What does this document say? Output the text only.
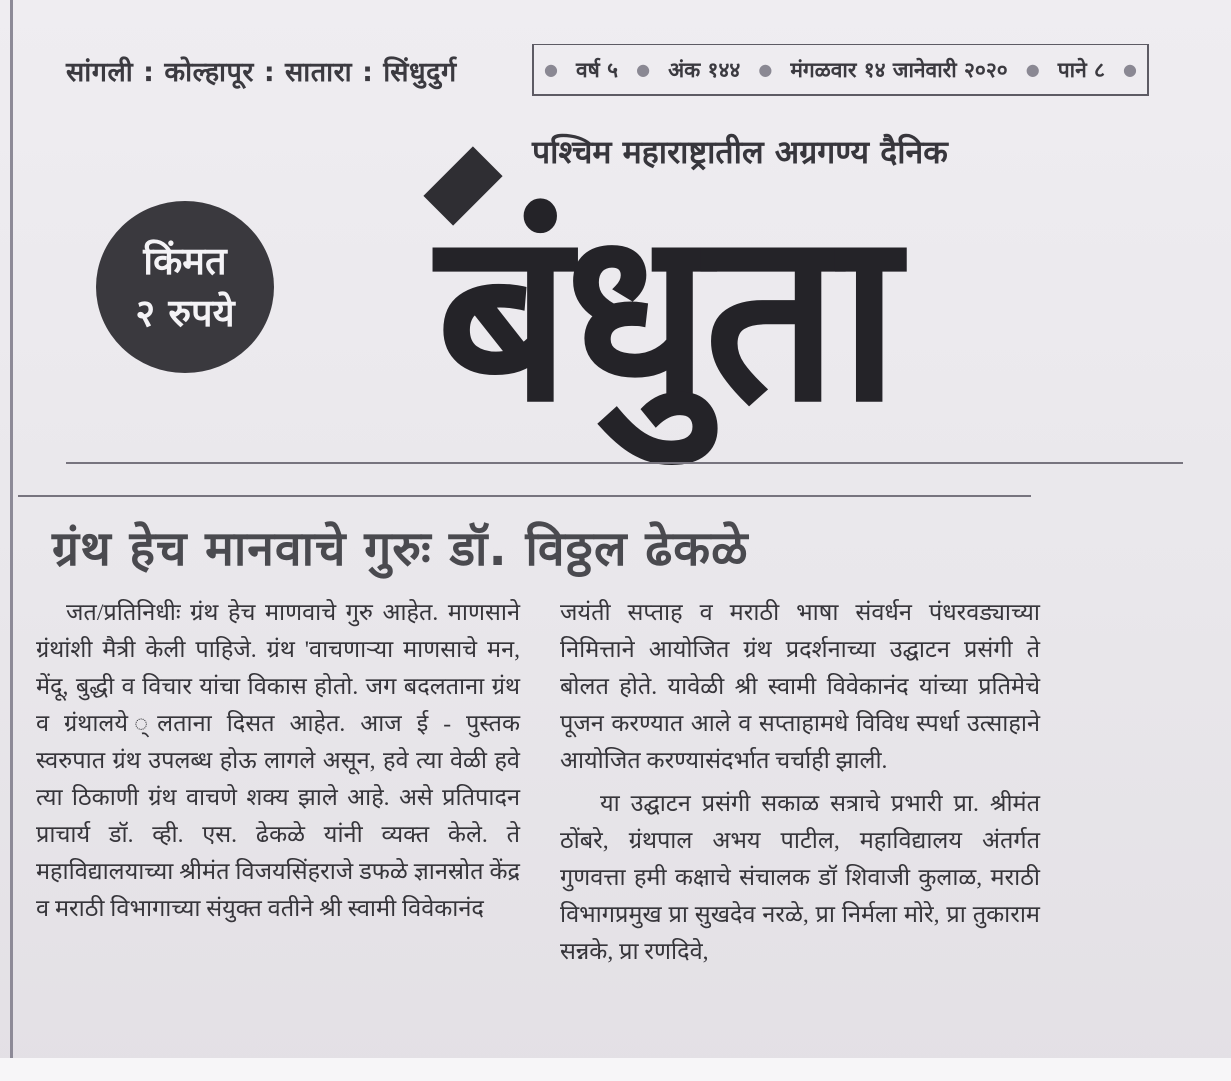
सांगली : कोल्हापूर : सातारा : सिंधुदुर्ग	● वर्ष ५ ● अंक १४४ ● मंगळवार १४ जानेवारी २०२० ● पाने ८ ●
पश्चिम महाराष्ट्रातील अग्रगण्य दैनिक
किंमत
२ रुपये बंधुता
ग्रंथ हेच मानवाचे गुरुः डॉ. विठ्ठल ढेकळे

जत/प्रतिनिधीः ग्रंथ हेच माणवाचे गुरु आहेत. माणसाने ग्रंथांशी मैत्री केली पाहिजे. ग्रंथ 'वाचणाऱ्या माणसाचे मन, मेंदू, बुद्धी व विचार यांचा विकास होतो. जग बदलताना ग्रंथ व ग्रंथालये ्लताना दिसत आहेत. आज ई - पुस्तक स्वरुपात ग्रंथ उपलब्ध होऊ लागले असून, हवे त्या वेळी हवे त्या ठिकाणी ग्रंथ वाचणे शक्य झाले आहे. असे प्रतिपादन प्राचार्य डॉ. व्ही. एस. ढेकळे यांनी व्यक्त केले. ते महाविद्यालयाच्या श्रीमंत विजयसिंहराजे डफळे ज्ञानस्रोत केंद्र व मराठी विभागाच्या संयुक्त वतीने श्री स्वामी विवेकानंद

जयंती सप्ताह व मराठी भाषा संवर्धन पंधरवड्याच्या निमित्ताने आयोजित ग्रंथ प्रदर्शनाच्या उद्घाटन प्रसंगी ते बोलत होते. यावेळी श्री स्वामी विवेकानंद यांच्या प्रतिमेचे पूजन करण्यात आले व सप्ताहामधे विविध स्पर्धा उत्साहाने आयोजित करण्यासंदर्भात चर्चाही झाली.

या उद्घाटन प्रसंगी सकाळ सत्राचे प्रभारी प्रा. श्रीमंत ठोंबरे, ग्रंथपाल अभय पाटील, महाविद्यालय अंतर्गत गुणवत्ता हमी कक्षाचे संचालक डॉ शिवाजी कुलाळ, मराठी विभागप्रमुख प्रा सुखदेव नरळे, प्रा निर्मला मोरे, प्रा तुकाराम सन्नके, प्रा रणदिवे,
